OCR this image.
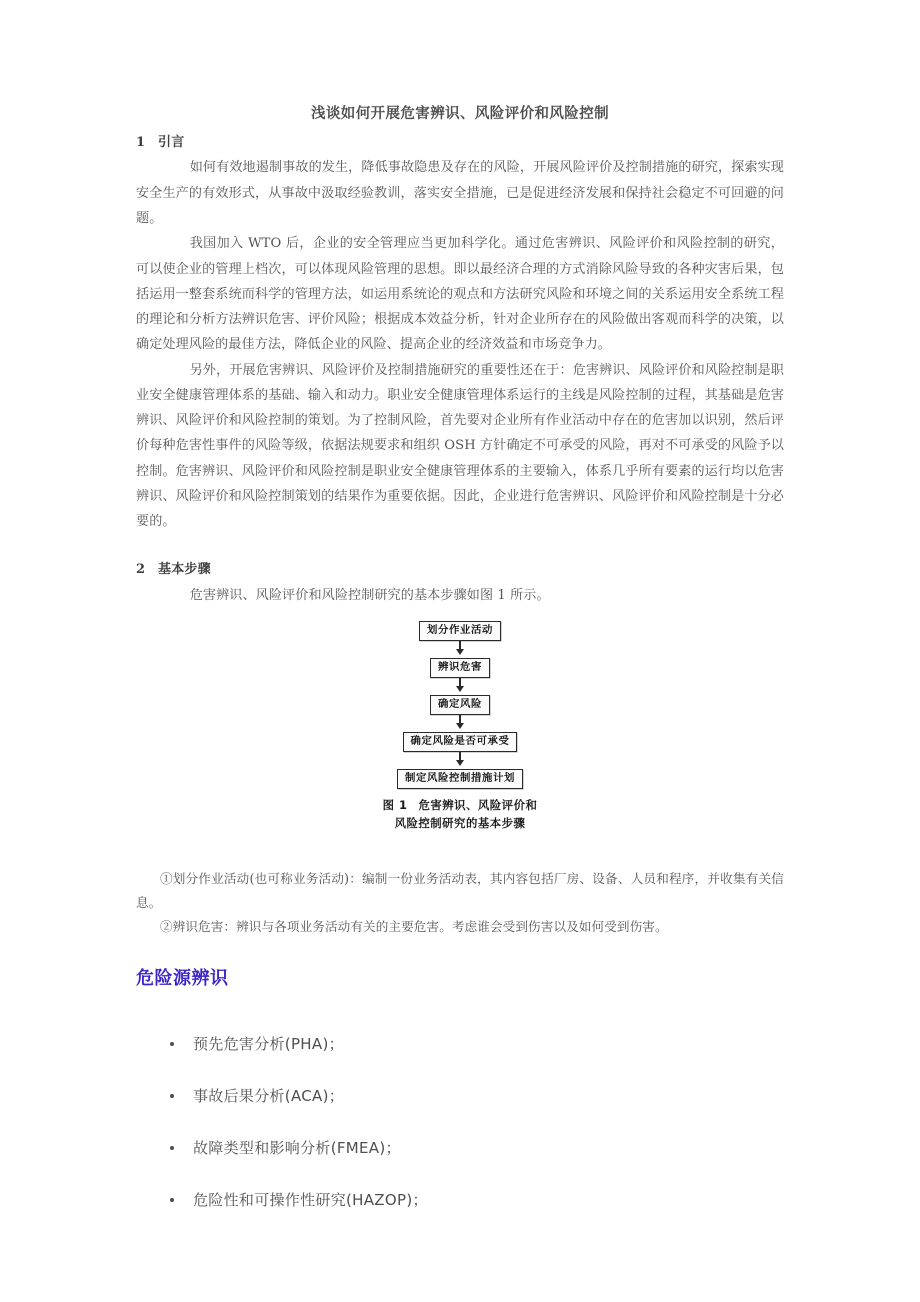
浅谈如何开展危害辨识、风险评价和风险控制
1 引言

如何有效地遏制事故的发生，降低事故隐患及存在的风险，开展风险评价及控制措施的研究，探索实现安全生产的有效形式，从事故中汲取经验教训，落实安全措施，已是促进经济发展和保持社会稳定不可回避的问题。

我国加入 WTO 后，企业的安全管理应当更加科学化。通过危害辨识、风险评价和风险控制的研究，可以使企业的管理上档次，可以体现风险管理的思想。即以最经济合理的方式消除风险导致的各种灾害后果，包括运用一整套系统而科学的管理方法，如运用系统论的观点和方法研究风险和环境之间的关系运用安全系统工程的理论和分析方法辨识危害、评价风险；根据成本效益分析，针对企业所存在的风险做出客观而科学的决策，以确定处理风险的最佳方法，降低企业的风险、提高企业的经济效益和市场竞争力。

另外，开展危害辨识、风险评价及控制措施研究的重要性还在于：危害辨识、风险评价和风险控制是职业安全健康管理体系的基础、输入和动力。职业安全健康管理体系运行的主线是风险控制的过程，其基础是危害辨识、风险评价和风险控制的策划。为了控制风险，首先要对企业所有作业活动中存在的危害加以识别，然后评价每种危害性事件的风险等级，依据法规要求和组织 OSH 方针确定不可承受的风险，再对不可承受的风险予以控制。危害辨识、风险评价和风险控制是职业安全健康管理体系的主要输入，体系几乎所有要素的运行均以危害辨识、风险评价和风险控制策划的结果作为重要依据。因此，企业进行危害辨识、风险评价和风险控制是十分必要的。

2 基本步骤

危害辨识、风险评价和风险控制研究的基本步骤如图 1 所示。

划分作业活动
辨识危害
确定风险
确定风险是否可承受
制定风险控制措施计划
图 1 危害辨识、风险评价和
风险控制研究的基本步骤

①划分作业活动(也可称业务活动)：编制一份业务活动表，其内容包括厂房、设备、人员和程序，并收集有关信息。

②辨识危害：辨识与各项业务活动有关的主要危害。考虑谁会受到伤害以及如何受到伤害。

危险源辨识
预先危害分析(PHA)；
事故后果分析(ACA)；
故障类型和影响分析(FMEA)；
危险性和可操作性研究(HAZOP)；
